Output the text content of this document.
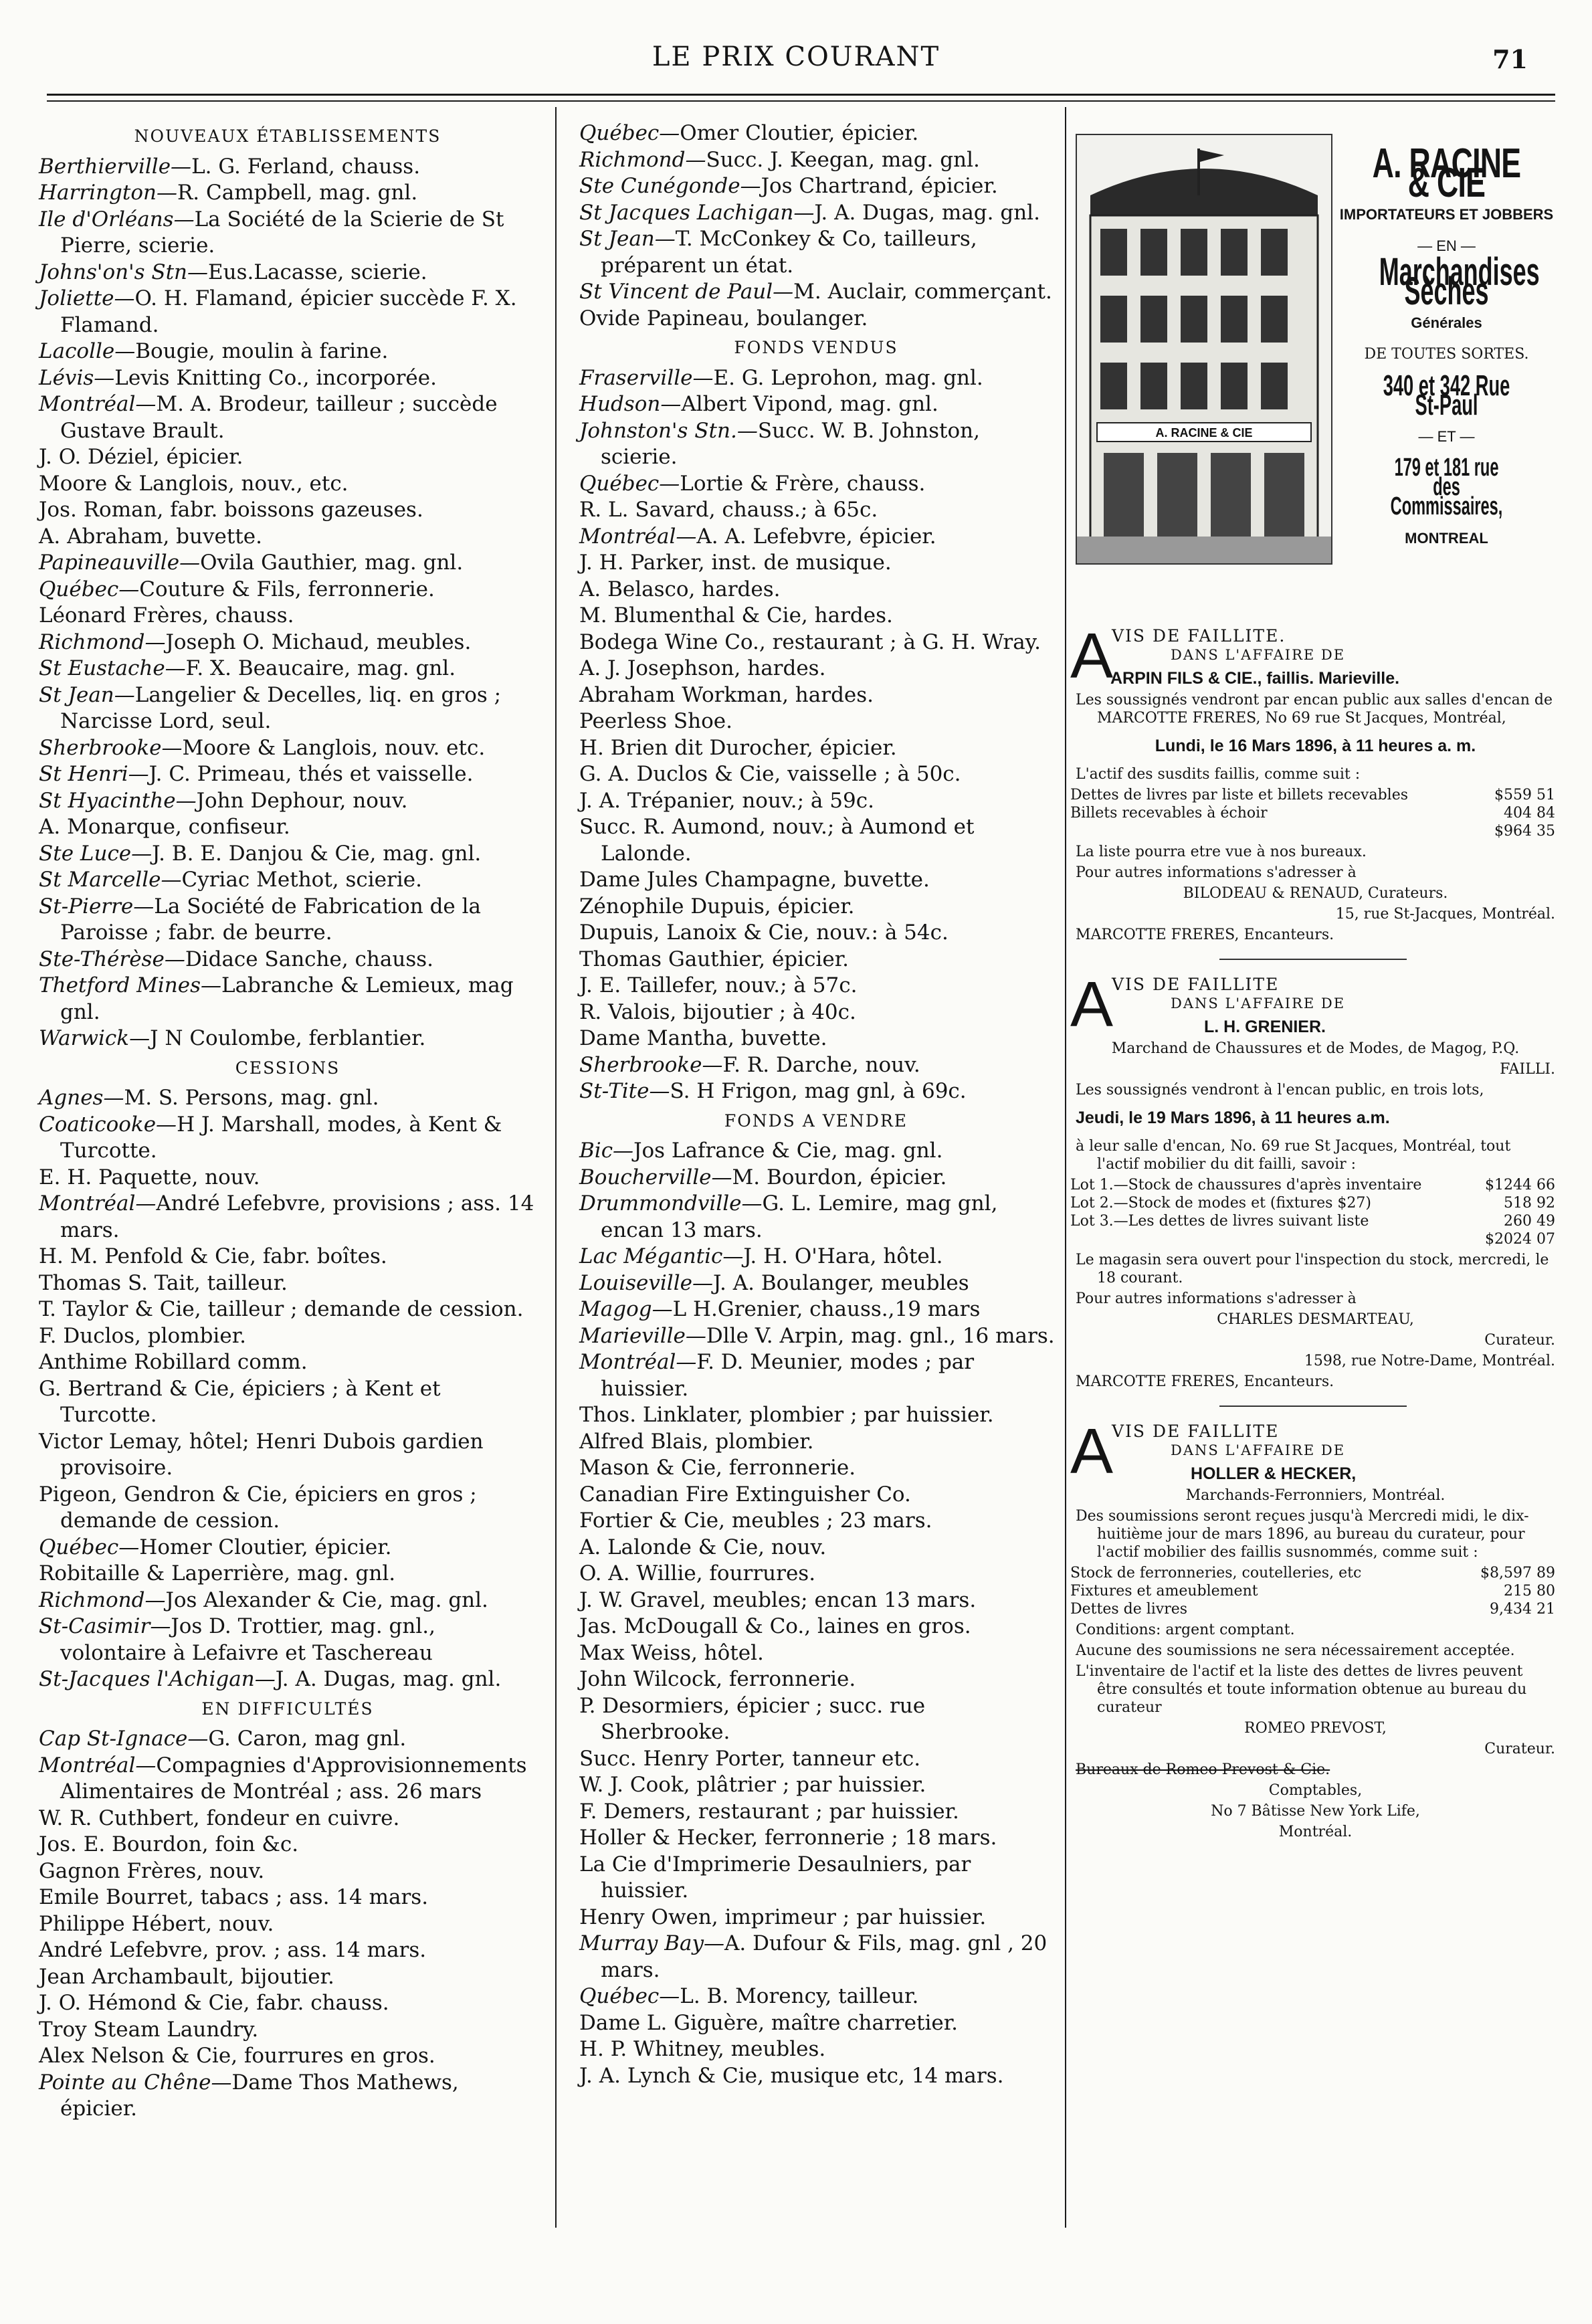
LE PRIX COURANT	71

NOUVEAUX ÉTABLISSEMENTS

Berthierville—L. G. Ferland, chauss.

Harrington—R. Campbell, mag. gnl.

Ile d'Orléans—La Société de la Scierie de St Pierre, scierie.

Johns'on's Stn—Eus.Lacasse, scierie.

Joliette—O. H. Flamand, épicier succède F. X. Flamand.

Lacolle—Bougie, moulin à farine.

Lévis—Levis Knitting Co., incorporée.

Montréal—M. A. Brodeur, tailleur ; succède Gustave Brault.

J. O. Déziel, épicier.

Moore & Langlois, nouv., etc.

Jos. Roman, fabr. boissons gazeuses.

A. Abraham, buvette.

Papineauville—Ovila Gauthier, mag. gnl.

Québec—Couture & Fils, ferronnerie.

Léonard Frères, chauss.

Richmond—Joseph O. Michaud, meubles.

St Eustache—F. X. Beaucaire, mag. gnl.

St Jean—Langelier & Decelles, liq. en gros ; Narcisse Lord, seul.

Sherbrooke—Moore & Langlois, nouv. etc.

St Henri—J. C. Primeau, thés et vaisselle.

St Hyacinthe—John Dephour, nouv.

A. Monarque, confiseur.

Ste Luce—J. B. E. Danjou & Cie, mag. gnl.

St Marcelle—Cyriac Methot, scierie.

St-Pierre—La Société de Fabrication de la Paroisse ; fabr. de beurre.

Ste-Thérèse—Didace Sanche, chauss.

Thetford Mines—Labranche & Lemieux, mag gnl.

Warwick—J N Coulombe, ferblantier.

CESSIONS

Agnes—M. S. Persons, mag. gnl.

Coaticooke—H J. Marshall, modes, à Kent & Turcotte.

E. H. Paquette, nouv.

Montréal—André Lefebvre, provisions ; ass. 14 mars.

H. M. Penfold & Cie, fabr. boîtes.

Thomas S. Tait, tailleur.

T. Taylor & Cie, tailleur ; demande de cession.

F. Duclos, plombier.

Anthime Robillard comm.

G. Bertrand & Cie, épiciers ; à Kent et Turcotte.

Victor Lemay, hôtel; Henri Dubois gardien provisoire.

Pigeon, Gendron & Cie, épiciers en gros ; demande de cession.

Québec—Homer Cloutier, épicier.

Robitaille & Laperrière, mag. gnl.

Richmond—Jos Alexander & Cie, mag. gnl.

St-Casimir—Jos D. Trottier, mag. gnl., volontaire à Lefaivre et Taschereau

St-Jacques l'Achigan—J. A. Dugas, mag. gnl.

EN DIFFICULTÉS

Cap St-Ignace—G. Caron, mag gnl.

Montréal—Compagnies d'Approvisionnements Alimentaires de Montréal ; ass. 26 mars

W. R. Cuthbert, fondeur en cuivre.

Jos. E. Bourdon, foin &c.

Gagnon Frères, nouv.

Emile Bourret, tabacs ; ass. 14 mars.

Philippe Hébert, nouv.

André Lefebvre, prov. ; ass. 14 mars.

Jean Archambault, bijoutier.

J. O. Hémond & Cie, fabr. chauss.

Troy Steam Laundry.

Alex Nelson & Cie, fourrures en gros.

Pointe au Chêne—Dame Thos Mathews, épicier.

Québec—Omer Cloutier, épicier.

Richmond—Succ. J. Keegan, mag. gnl.

Ste Cunégonde—Jos Chartrand, épicier.

St Jacques Lachigan—J. A. Dugas, mag. gnl.

St Jean—T. McConkey & Co, tailleurs, préparent un état.

St Vincent de Paul—M. Auclair, commerçant.

Ovide Papineau, boulanger.

FONDS VENDUS

Fraserville—E. G. Leprohon, mag. gnl.

Hudson—Albert Vipond, mag. gnl.

Johnston's Stn.—Succ. W. B. Johnston, scierie.

Québec—Lortie & Frère, chauss.

R. L. Savard, chauss.; à 65c.

Montréal—A. A. Lefebvre, épicier.

J. H. Parker, inst. de musique.

A. Belasco, hardes.

M. Blumenthal & Cie, hardes.

Bodega Wine Co., restaurant ; à G. H. Wray.

A. J. Josephson, hardes.

Abraham Workman, hardes.

Peerless Shoe.

H. Brien dit Durocher, épicier.

G. A. Duclos & Cie, vaisselle ; à 50c.

J. A. Trépanier, nouv.; à 59c.

Succ. R. Aumond, nouv.; à Aumond et Lalonde.

Dame Jules Champagne, buvette.

Zénophile Dupuis, épicier.

Dupuis, Lanoix & Cie, nouv.: à 54c.

Thomas Gauthier, épicier.

J. E. Taillefer, nouv.; à 57c.

R. Valois, bijoutier ; à 40c.

Dame Mantha, buvette.

Sherbrooke—F. R. Darche, nouv.

St-Tite—S. H Frigon, mag gnl, à 69c.

FONDS A VENDRE

Bic—Jos Lafrance & Cie, mag. gnl.

Boucherville—M. Bourdon, épicier.

Drummondville—G. L. Lemire, mag gnl, encan 13 mars.

Lac Mégantic—J. H. O'Hara, hôtel.

Louiseville—J. A. Boulanger, meubles

Magog—L H.Grenier, chauss.,19 mars

Marieville—Dlle V. Arpin, mag. gnl., 16 mars.

Montréal—F. D. Meunier, modes ; par huissier.

Thos. Linklater, plombier ; par huissier.

Alfred Blais, plombier.

Mason & Cie, ferronnerie.

Canadian Fire Extinguisher Co.

Fortier & Cie, meubles ; 23 mars.

A. Lalonde & Cie, nouv.

O. A. Willie, fourrures.

J. W. Gravel, meubles; encan 13 mars.

Jas. McDougall & Co., laines en gros.

Max Weiss, hôtel.

John Wilcock, ferronnerie.

P. Desormiers, épicier ; succ. rue Sherbrooke.

Succ. Henry Porter, tanneur etc.

W. J. Cook, plâtrier ; par huissier.

F. Demers, restaurant ; par huissier.

Holler & Hecker, ferronnerie ; 18 mars.

La Cie d'Imprimerie Desaulniers, par huissier.

Henry Owen, imprimeur ; par huissier.

Murray Bay—A. Dufour & Fils, mag. gnl , 20 mars.

Québec—L. B. Morency, tailleur.

Dame L. Giguère, maître charretier.

H. P. Whitney, meubles.

J. A. Lynch & Cie, musique etc, 14 mars.

A. RACINE & CIE
A. RACINE & CIE
IMPORTATEURS ET JOBBERS
— EN —
Marchandises Sèches
Générales
DE TOUTES SORTES.
340 et 342 Rue St-Paul
— ET —
179 et 181 rue des Commissaires,
MONTREAL
A
VIS DE FAILLITE.
DANS L'AFFAIRE DE
ARPIN FILS & CIE., faillis. Marieville.

Les soussignés vendront par encan public aux salles d'encan de MARCOTTE FRERES, No 69 rue St Jacques, Montréal,

Lundi, le 16 Mars 1896, à 11 heures a. m.

L'actif des susdits faillis, comme suit :

Dettes de livres par liste et billets recevables	$559 51
Billets recevables à échoir	404 84
$964 35

La liste pourra etre vue à nos bureaux.

Pour autres informations s'adresser à

BILODEAU & RENAUD, Curateurs.

15, rue St-Jacques, Montréal.

MARCOTTE FRERES, Encanteurs.

A
VIS DE FAILLITE
DANS L'AFFAIRE DE
L. H. GRENIER.

Marchand de Chaussures et de Modes, de Magog, P.Q.

FAILLI.

Les soussignés vendront à l'encan public, en trois lots,

Jeudi, le 19 Mars 1896, à 11 heures a.m.

à leur salle d'encan, No. 69 rue St Jacques, Montréal, tout l'actif mobilier du dit failli, savoir :

Lot 1.—Stock de chaussures d'après inventaire	$1244 66
Lot 2.—Stock de modes et (fixtures $27)	518 92
Lot 3.—Les dettes de livres suivant liste	260 49
$2024 07

Le magasin sera ouvert pour l'inspection du stock, mercredi, le 18 courant.

Pour autres informations s'adresser à

CHARLES DESMARTEAU,

Curateur.

1598, rue Notre-Dame, Montréal.

MARCOTTE FRERES, Encanteurs.

A
VIS DE FAILLITE
DANS L'AFFAIRE DE
HOLLER & HECKER,

Marchands-Ferronniers, Montréal.

Des soumissions seront reçues jusqu'à Mercredi midi, le dix-huitième jour de mars 1896, au bureau du curateur, pour l'actif mobilier des faillis susnommés, comme suit :

Stock de ferronneries, coutelleries, etc	$8,597 89
Fixtures et ameublement	215 80
Dettes de livres	9,434 21

Conditions: argent comptant.

Aucune des soumissions ne sera nécessairement acceptée.

L'inventaire de l'actif et la liste des dettes de livres peuvent être consultés et toute information obtenue au bureau du curateur

ROMEO PREVOST,

Curateur.

Bureaux de Romeo Prevost & Cie.

Comptables,

No 7 Bâtisse New York Life,

Montréal.
